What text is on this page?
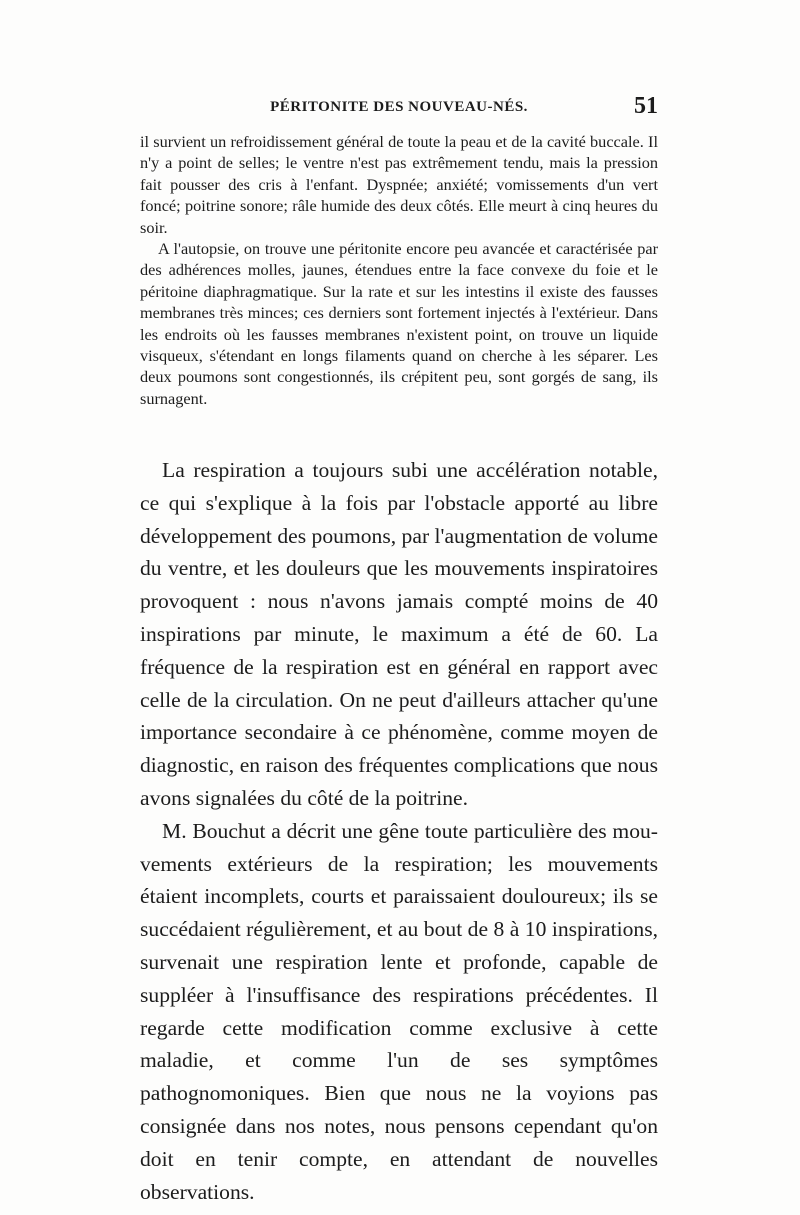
PÉRITONITE DES NOUVEAU-NÉS.	51

il survient un refroidissement général de toute la peau et de la cavité buccale. Il n'y a point de selles; le ventre n'est pas extrêmement tendu, mais la pression fait pousser des cris à l'enfant. Dyspnée; anxiété; vomissements d'un vert foncé; poitrine sonore; râle humide des deux côtés. Elle meurt à cinq heures du soir.

A l'autopsie, on trouve une péritonite encore peu avancée et caractérisée par des adhérences molles, jaunes, étendues entre la face convexe du foie et le péritoine diaphragmatique. Sur la rate et sur les intestins il existe des fausses membranes très minces; ces derniers sont fortement injectés à l'extérieur. Dans les endroits où les fausses membranes n'existent point, on trouve un liquide visqueux, s'étendant en longs filaments quand on cherche à les séparer. Les deux poumons sont congestionnés, ils crépitent peu, sont gorgés de sang, ils surnagent.

La respiration a toujours subi une accélération notable, ce qui s'explique à la fois par l'obstacle apporté au libre développement des poumons, par l'augmentation de volume du ventre, et les douleurs que les mouvements inspiratoires provoquent : nous n'avons jamais compté moins de 40 inspirations par minute, le maximum a été de 60. La fréquence de la respiration est en général en rapport avec celle de la circulation. On ne peut d'ailleurs attacher qu'une importance secondaire à ce phénomène, comme moyen de diagnostic, en raison des fréquentes complications que nous avons signalées du côté de la poitrine.

M. Bouchut a décrit une gêne toute particulière des mouvements extérieurs de la respiration; les mouvements étaient incomplets, courts et paraissaient douloureux; ils se succédaient régulièrement, et au bout de 8 à 10 inspirations, survenait une respiration lente et profonde, capable de suppléer à l'insuffisance des respirations précédentes. Il regarde cette modification comme exclusive à cette maladie, et comme l'un de ses symptômes pathognomoniques. Bien que nous ne la voyions pas consignée dans nos notes, nous pensons cependant qu'on doit en tenir compte, en attendant de nouvelles observations.
